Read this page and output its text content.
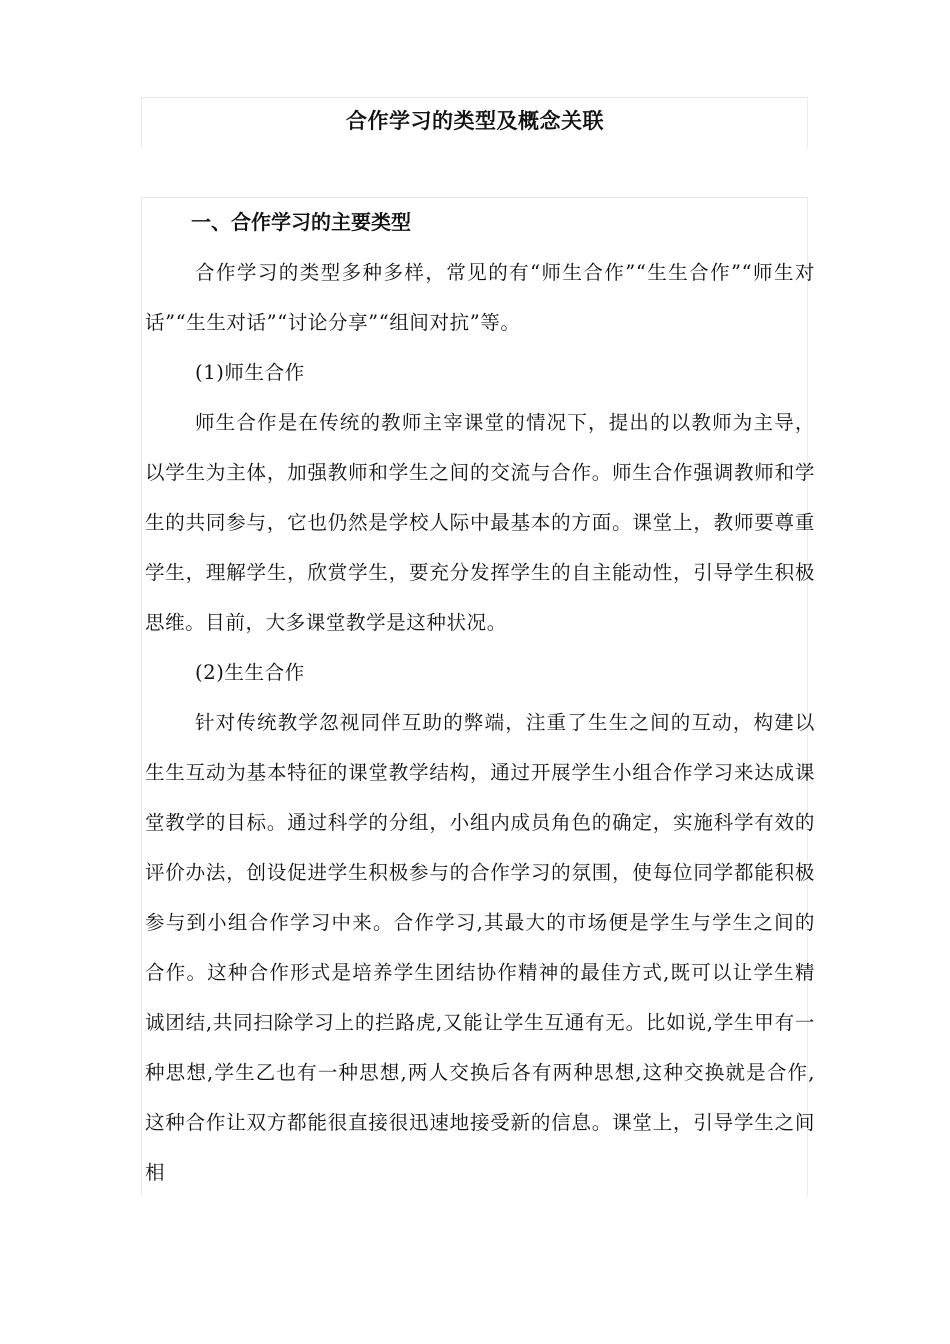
合作学习的类型及概念关联
一、合作学习的主要类型

合作学习的类型多种多样，常见的有“师生合作”“生生合作”“师生对话”“生生对话”“讨论分享”“组间对抗”等。

(1)师生合作

师生合作是在传统的教师主宰课堂的情况下，提出的以教师为主导，以学生为主体，加强教师和学生之间的交流与合作。师生合作强调教师和学生的共同参与，它也仍然是学校人际中最基本的方面。课堂上，教师要尊重学生，理解学生，欣赏学生，要充分发挥学生的自主能动性，引导学生积极思维。目前，大多课堂教学是这种状况。

(2)生生合作

针对传统教学忽视同伴互助的弊端，注重了生生之间的互动，构建以生生互动为基本特征的课堂教学结构，通过开展学生小组合作学习来达成课堂教学的目标。通过科学的分组，小组内成员角色的确定，实施科学有效的评价办法，创设促进学生积极参与的合作学习的氛围，使每位同学都能积极参与到小组合作学习中来。合作学习,其最大的市场便是学生与学生之间的合作。这种合作形式是培养学生团结协作精神的最佳方式,既可以让学生精诚团结,共同扫除学习上的拦路虎,又能让学生互通有无。比如说,学生甲有一种思想,学生乙也有一种思想,两人交换后各有两种思想,这种交换就是合作,这种合作让双方都能很直接很迅速地接受新的信息。课堂上，引导学生之间相
